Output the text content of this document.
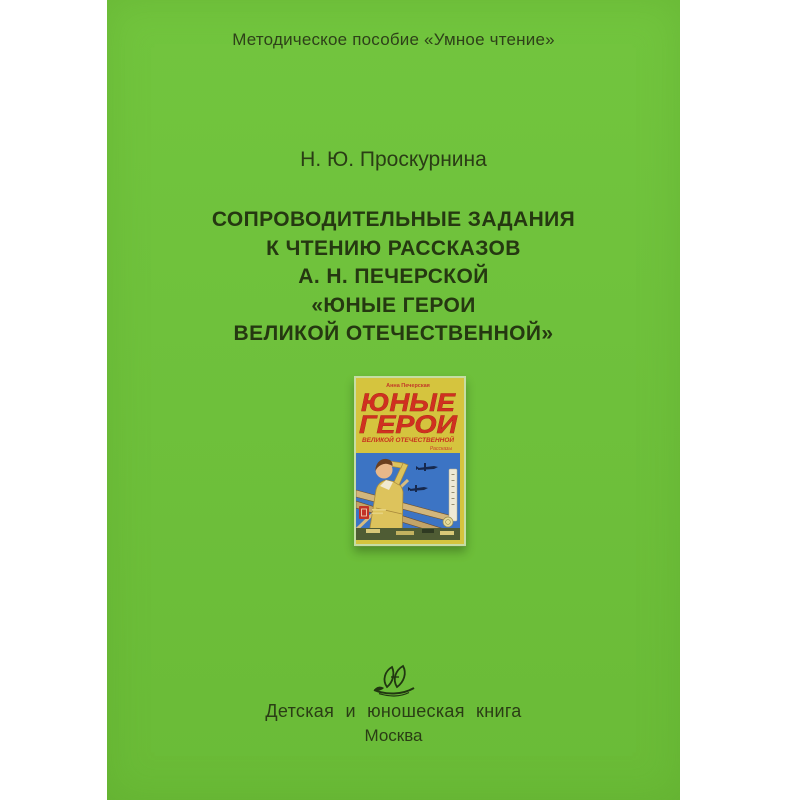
Методическое пособие «Умное чтение»
Н. Ю. Проскурнина
СОПРОВОДИТЕЛЬНЫЕ ЗАДАНИЯ
К ЧТЕНИЮ РАССКАЗОВ
А. Н. ПЕЧЕРСКОЙ
«ЮНЫЕ ГЕРОИ
ВЕЛИКОЙ ОТЕЧЕСТВЕННОЙ»
Анна Печерская
ЮНЫЕ
ГЕРОИ
ВЕЛИКОЙ ОТЕЧЕСТВЕННОЙ
Рассказы
Детская и юношеская книга
Москва
